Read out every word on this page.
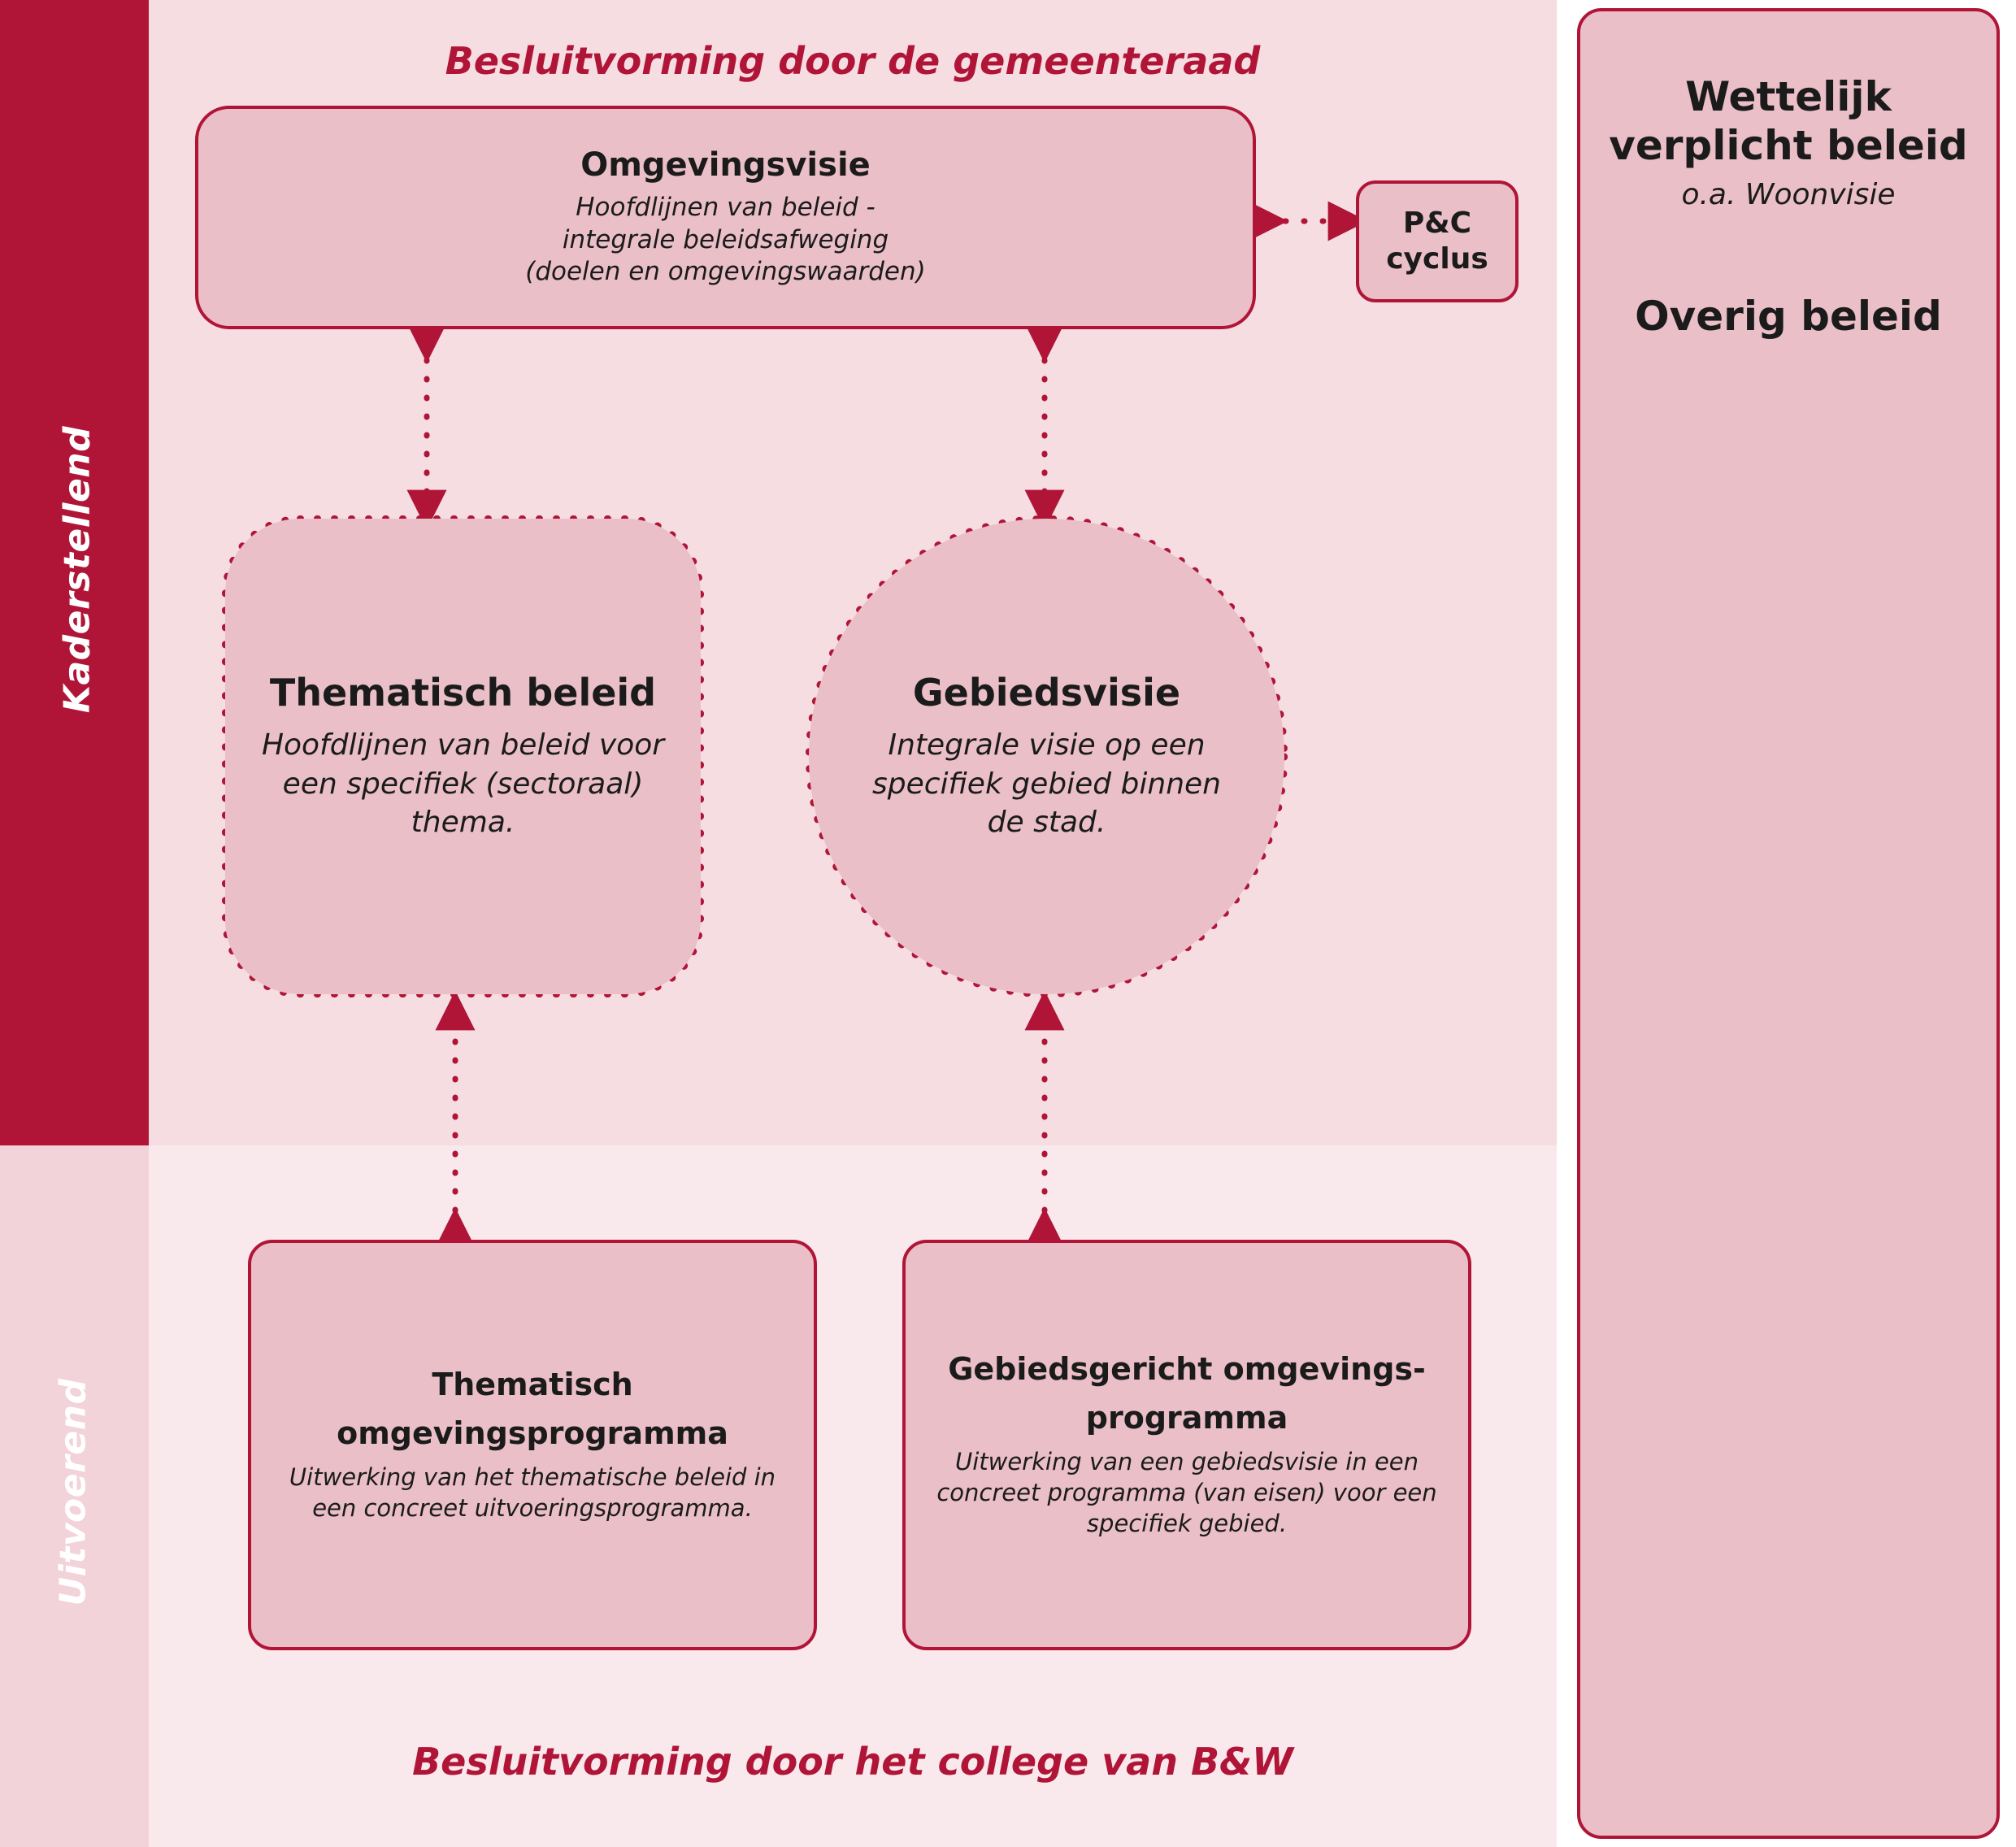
Kaderstellend
Uitvoerend
Besluitvorming door de gemeenteraad
Besluitvorming door het college van B&W
Omgevingsvisie
Hoofdlijnen van beleid -
integrale beleidsafweging
(doelen en omgevingswaarden)
P&C
cyclus
Thematisch beleid
Hoofdlijnen van beleid voor een specifiek (sectoraal) thema.
Gebiedsvisie
Integrale visie op een specifiek gebied binnen de stad.
Thematisch
omgevingsprogramma
Uitwerking van het thematische beleid in een concreet uitvoeringsprogramma.
Gebiedsgericht omgevings-
programma
Uitwerking van een gebiedsvisie in een concreet programma (van eisen) voor een specifiek gebied.
Wettelijk
verplicht beleid
o.a. Woonvisie
Overig beleid
